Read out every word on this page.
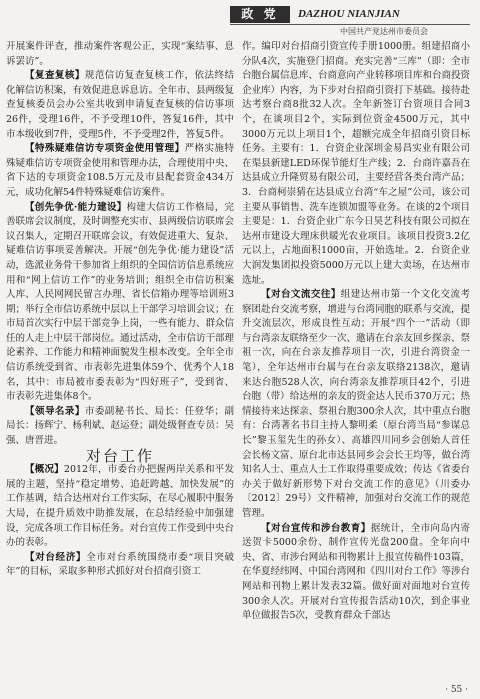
政 党	DAZHOU NIANJIAN
中国共产党达州市委员会

开展案件评查，推动案件客观公正，实现“案结事、息诉罢访”。

【复查复核】规范信访复查复核工作，依法终结化解信访积案，有效促进息诉息访。全年市、县两级复查复核委员会办公室共收到申请复查复核的信访事项26件，受理16件，不予受理10件，答复16件，其中市本级收到7件，受理5件，不予受理2件，答复5件。

【特殊疑难信访专项资金使用管理】严格实施特殊疑难信访专项资金使用和管理办法，合理使用中央、省下达的专项资金108.5万元及市县配套资金434万元，成功化解54件特殊疑难信访案件。

【创先争优·能力建设】构建大信访工作格局，完善联席会议制度，及时调整充实市、县两级信访联席会议召集人，定期召开联席会议，有效促进重大、复杂、疑难信访事项妥善解决。开展“创先争优·能力建设”活动，选派业务骨干参加省上组织的全国信访信息系统应用和“网上信访工作”的业务培训；组织全市信访积案人库、人民网网民留言办理、省长信箱办理等培训班3期；举行全市信访系统中层以上干部学习培训会议；在市局首次实行中层干部竞争上岗，一些有能力、群众信任的人走上中层干部岗位。通过活动，全市信访干部理论素养、工作能力和精神面貌发生根本改变。全年全市信访系统受到省、市表彰先进集体59个、优秀个人18名，其中：市局被市委表彰为“四好班子”，受到省、市表彰先进集体8个。

【领导名录】市委副秘书长、局长：任登华；副局长：扬辉宁、杨利斌、赵运登；副处级督查专员：吴强、唐晋进。

对台工作

【概况】2012年，市委台办把握两岸关系和平发展的主题，坚持“稳定增势、追赶跨越、加快发展”的工作基调，结合达州对台工作实际，在尽心履职中服务大局，在提升质效中助推发展，在总结经验中加强建设，完成各项工作目标任务。对台宣传工作受到中央台办的表彰。

【对台经济】全市对台系统围绕市委“项目突破年”的目标，采取多种形式抓好对台招商引资工

作。编印对台招商引资宣传手册1000册。组建招商小分队4次，实施登门招商。充实完善“三库”（即：全市台胞台属信息库、台商意向产业转移项目库和台商投资企业库）内容，为下步对台招商引资打下基础。接待赴达考察台商8批32人次。全年新签订台资项目合同3个，在谈项目2个，实际到位资金4500万元，其中3000万元以上项目1个，超额完成全年招商引资目标任务。主要有：1．台资企业深圳金易昌实业有限公司在渠县新建LED环保节能灯生产线；2．台商许嘉吾在达县成立升隆贸易有限公司，主要经营各类台湾产品；3．台商柯崇猜在达县成立台湾“车之屋”公司，该公司主要从事销售、洗车连锁加盟等业务。在谈的2个项目主要是：1．台资企业广东今日昊艺科技有限公司拟在达州市建设大理床供暖光农业项目。该项目投资3.2亿元以上，占地面积1000亩，开始选址。2．台资企业大润发集团拟投资5000万元以上建大卖场，在达州市选址。

【对台文流交往】组建达州市第一个文化交流考察团赴台交流考察，增进与台湾同胞的联系与交流，提升交流层次，形成良性互动；开展“四个一”活动（即与台湾亲友联络至少一次、邀请在台亲友回乡探亲、祭祖一次，向在台亲友推荐项目一次，引进台湾资金一笔），全年达州市台属与在台亲友联络2138次，邀请来达台胞528人次，向台湾亲友推荐项目42个，引进台胞（带）给达州的亲友的资金达人民币370万元；热情接待来达探亲、祭祖台胞300余人次，其中重点台胞有：台湾著名书目主持人黎明柔（原台湾当局“参谋总长”黎玉玺先生的孙女）、高雄四川同乡会创始人首任会长杨文富、原台北市达县同乡会会长王均等，做台湾知名人士、重点人士工作取得重要成效；传达《省委台办关于做好新形势下对台交流工作的意见》（川委办〔2012〕29号）文件精神，加强对台交流工作的规范管理。

【对台宣传和涉台教育】据统计，全市向岛内寄送贺卡5000余份、制作宣传光盘200盘。全年向中央、省、市涉台网站和刊物累计上报宣传稿件103篇，在华夏经纬网、中国台湾网和《四川对台工作》等涉台网站和刊物上累计发表32篇。做好面对面地对台宣传300余人次。开展对台宣传报告活动10次，到企事业单位做报告5次，受教育群众千部达

· 55 ·
